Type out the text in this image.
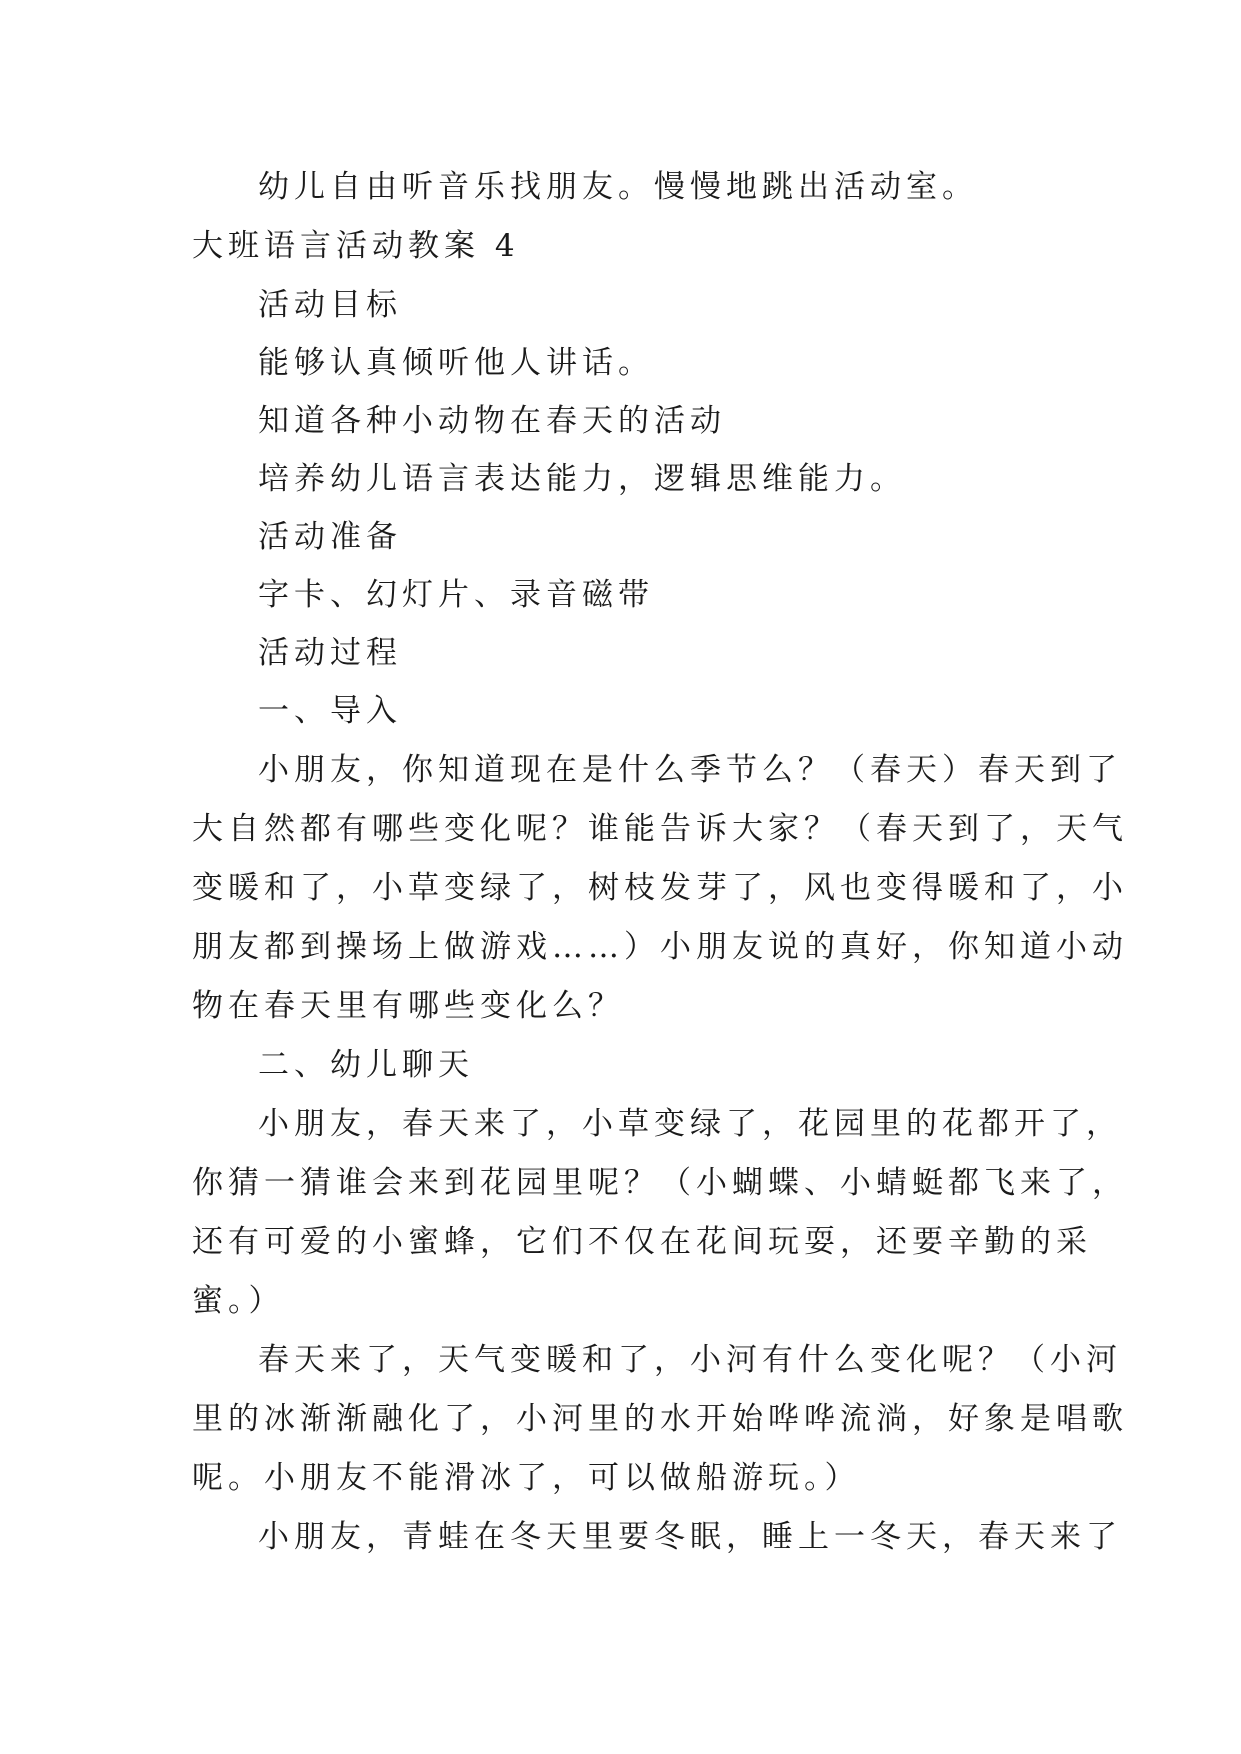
幼儿自由听音乐找朋友。慢慢地跳出活动室。
大班语言活动教案 4
活动目标
能够认真倾听他人讲话。
知道各种小动物在春天的活动
培养幼儿语言表达能力，逻辑思维能力。
活动准备
字卡、幻灯片、录音磁带
活动过程
一、导入
小朋友，你知道现在是什么季节么？（春天）春天到了
大自然都有哪些变化呢？谁能告诉大家？（春天到了，天气
变暖和了，小草变绿了，树枝发芽了，风也变得暖和了，小
朋友都到操场上做游戏……）小朋友说的真好，你知道小动
物在春天里有哪些变化么？
二、幼儿聊天
小朋友，春天来了，小草变绿了，花园里的花都开了，
你猜一猜谁会来到花园里呢？（小蝴蝶、小蜻蜓都飞来了，
还有可爱的小蜜蜂，它们不仅在花间玩耍，还要辛勤的采
蜜。）
春天来了，天气变暖和了，小河有什么变化呢？（小河
里的冰渐渐融化了，小河里的水开始哗哗流淌，好象是唱歌
呢。小朋友不能滑冰了，可以做船游玩。）
小朋友，青蛙在冬天里要冬眠，睡上一冬天，春天来了
